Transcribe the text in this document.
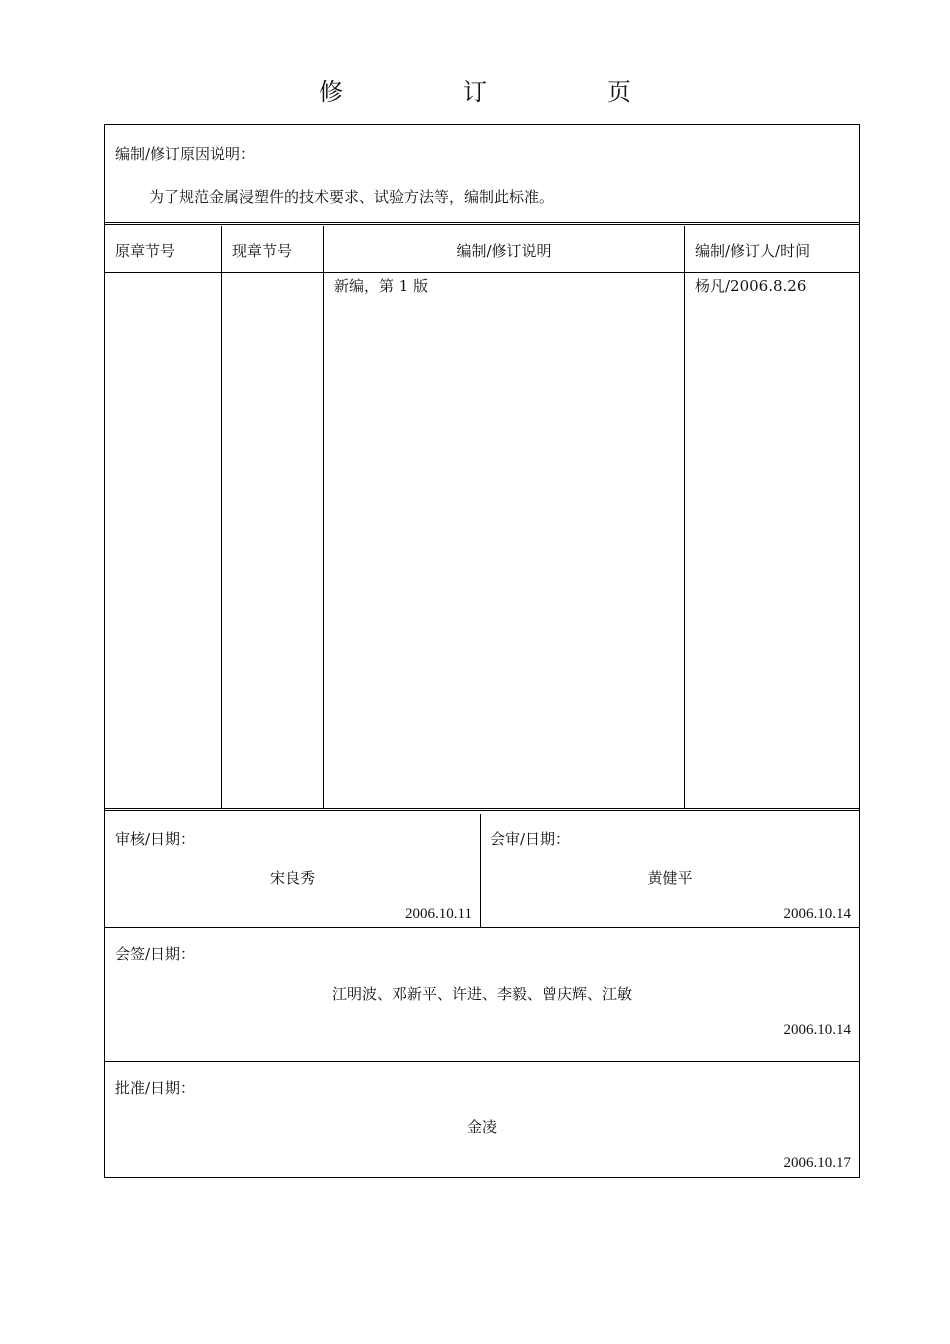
修　订　页
编制/修订原因说明：
为了规范金属浸塑件的技术要求、试验方法等，编制此标准。
原章节号	现章节号	编制/修订说明
新编，第 1 版
编制/修订人/时间
杨凡/2006.8.26
审核/日期：
宋良秀
2006.10.11
会审/日期：
黄健平
2006.10.14
会签/日期：
江明波、邓新平、许进、李毅、曾庆辉、江敏
2006.10.14
批准/日期：
金凌
2006.10.17
